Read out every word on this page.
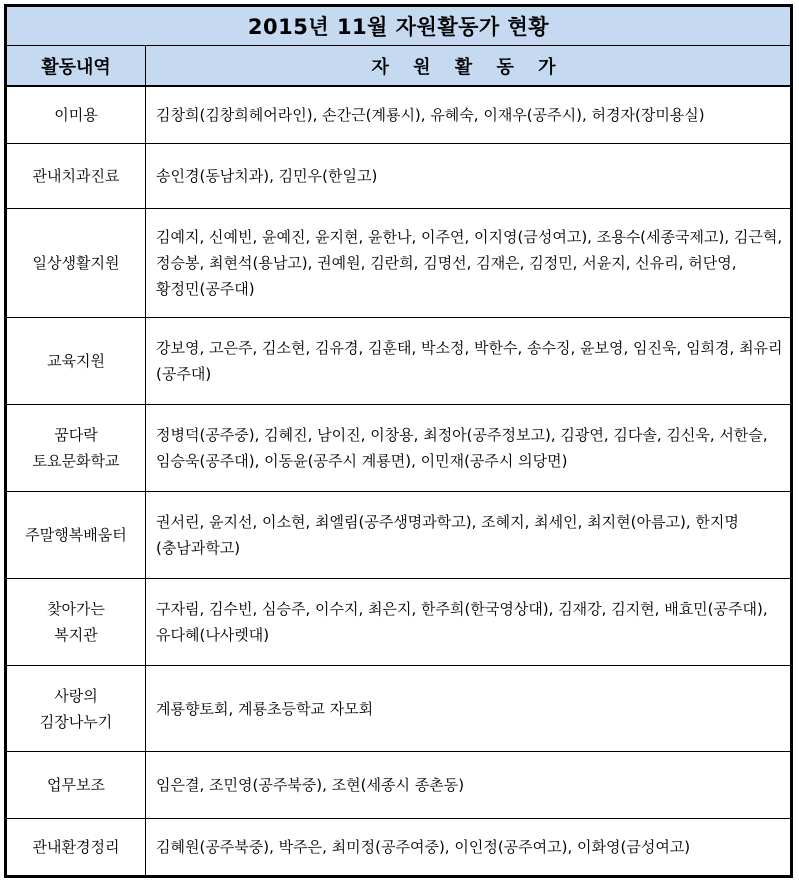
2015년 11월 자원활동가 현황	
활동내역	자 원 활 동 가
이미용	김창희(김창희헤어라인), 손간근(계룡시), 유혜숙, 이재우(공주시), 허경자(장미용실)
관내치과진료	송인경(동남치과), 김민우(한일고)
일상생활지원	김예지, 신예빈, 윤예진, 윤지현, 윤한나, 이주연, 이지영(금성여고), 조용수(세종국제고), 김근혁, 정승봉, 최현석(용남고), 권예원, 김란희, 김명선, 김재은, 김정민, 서윤지, 신유리, 허단영, 황정민(공주대)
교육지원	강보영, 고은주, 김소현, 김유경, 김훈태, 박소정, 박한수, 송수징, 윤보영, 임진욱, 임희경, 최유리(공주대)
꿈다락
토요문화학교	정병덕(공주중), 김혜진, 남이진, 이창용, 최정아(공주정보고), 김광연, 김다솔, 김신욱, 서한슬, 임승욱(공주대), 이동윤(공주시 계룡면), 이민재(공주시 의당면)
주말행복배움터	권서린, 윤지선, 이소현, 최엘림(공주생명과학고), 조혜지, 최세인, 최지현(아름고), 한지명(충남과학고)
찾아가는
복지관	구자림, 김수빈, 심승주, 이수지, 최은지, 한주희(한국영상대), 김재강, 김지현, 배효민(공주대), 유다혜(나사렛대)
사랑의
김장나누기	계룡향토회, 계룡초등학교 자모회
업무보조	임은결, 조민영(공주북중), 조현(세종시 종촌동)
관내환경정리	김혜원(공주북중), 박주은, 최미정(공주여중), 이인정(공주여고), 이화영(금성여고)
